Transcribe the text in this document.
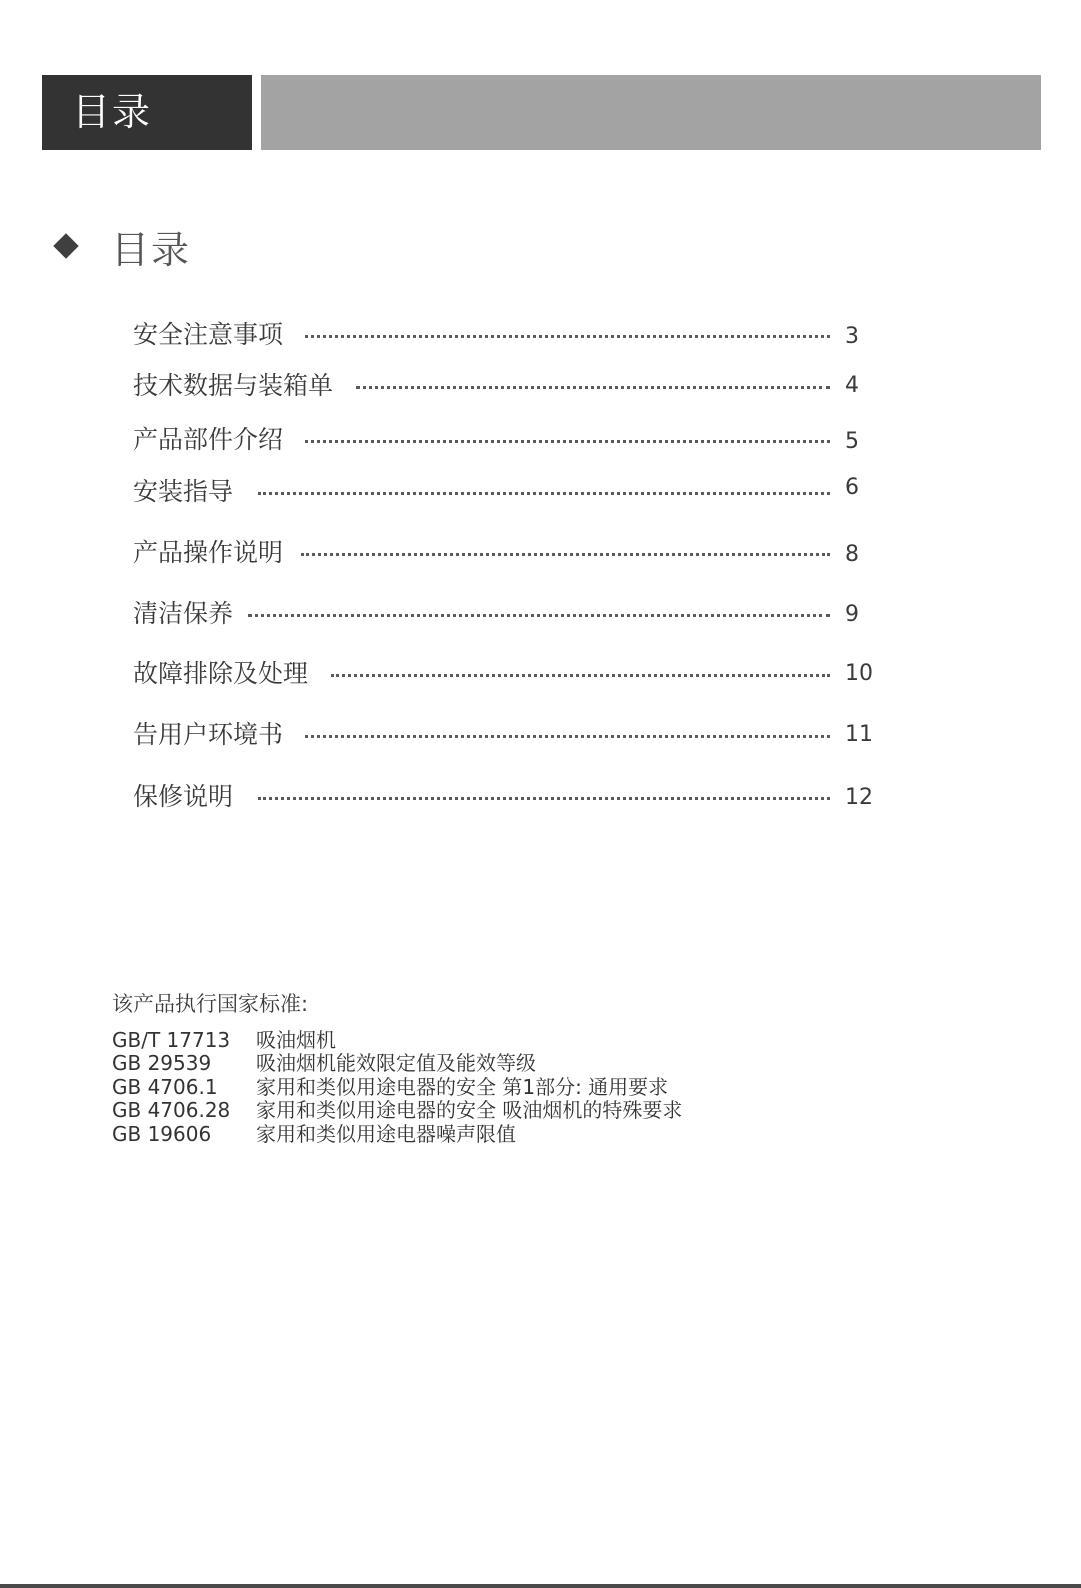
目录
目录
安全注意事项	3
技术数据与装箱单	4
产品部件介绍	5
安装指导	6
产品操作说明	8
清洁保养	9
故障排除及处理	10
告用户环境书	11
保修说明	12
该产品执行国家标准:
GB/T 17713 吸油烟机
GB 29539 吸油烟机能效限定值及能效等级
GB 4706.1 家用和类似用途电器的安全 第1部分: 通用要求
GB 4706.28 家用和类似用途电器的安全 吸油烟机的特殊要求
GB 19606 家用和类似用途电器噪声限值
